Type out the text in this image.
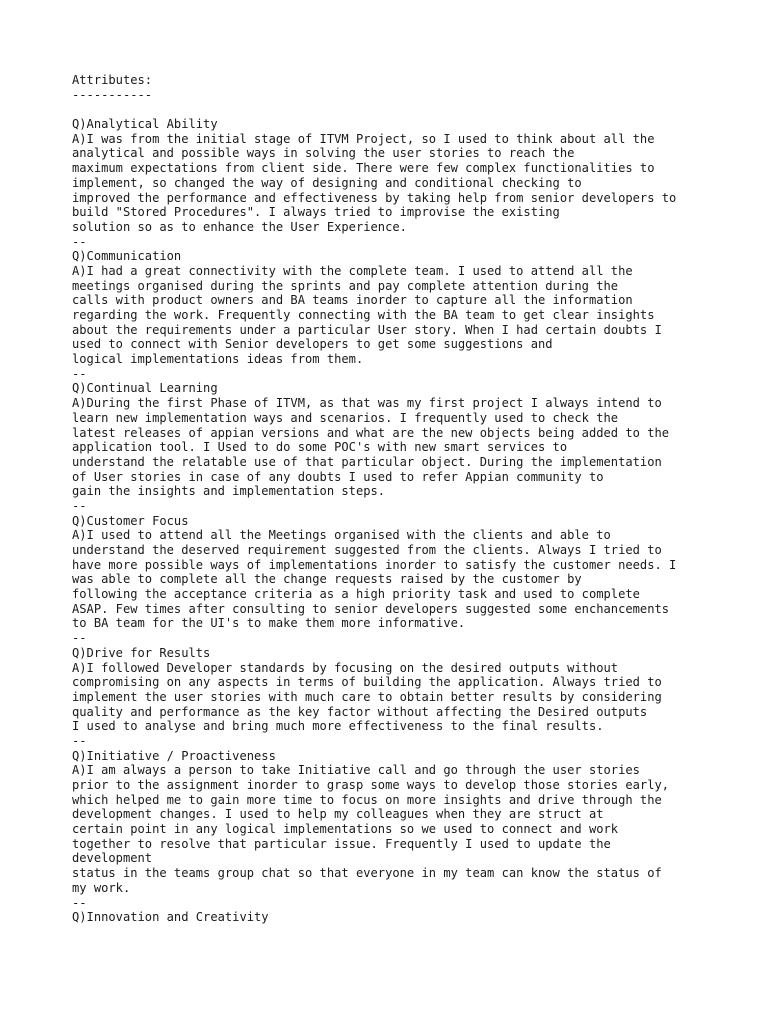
Attributes:
-----------
Q)Analytical Ability
A)I was from the initial stage of ITVM Project, so I used to think about all the
analytical and possible ways in solving the user stories to reach the
maximum expectations from client side. There were few complex functionalities to
implement, so changed the way of designing and conditional checking to
improved the performance and effectiveness by taking help from senior developers to
build "Stored Procedures". I always tried to improvise the existing
solution so as to enhance the User Experience.
--
Q)Communication
A)I had a great connectivity with the complete team. I used to attend all the
meetings organised during the sprints and pay complete attention during the
calls with product owners and BA teams inorder to capture all the information
regarding the work. Frequently connecting with the BA team to get clear insights
about the requirements under a particular User story. When I had certain doubts I
used to connect with Senior developers to get some suggestions and
logical implementations ideas from them.
--
Q)Continual Learning
A)During the first Phase of ITVM, as that was my first project I always intend to
learn new implementation ways and scenarios. I frequently used to check the
latest releases of appian versions and what are the new objects being added to the
application tool. I Used to do some POC's with new smart services to
understand the relatable use of that particular object. During the implementation
of User stories in case of any doubts I used to refer Appian community to
gain the insights and implementation steps.
--
Q)Customer Focus
A)I used to attend all the Meetings organised with the clients and able to
understand the deserved requirement suggested from the clients. Always I tried to
have more possible ways of implementations inorder to satisfy the customer needs. I
was able to complete all the change requests raised by the customer by
following the acceptance criteria as a high priority task and used to complete
ASAP. Few times after consulting to senior developers suggested some enchancements
to BA team for the UI's to make them more informative.
--
Q)Drive for Results
A)I followed Developer standards by focusing on the desired outputs without
compromising on any aspects in terms of building the application. Always tried to
implement the user stories with much care to obtain better results by considering
quality and performance as the key factor without affecting the Desired outputs
I used to analyse and bring much more effectiveness to the final results.
--
Q)Initiative / Proactiveness
A)I am always a person to take Initiative call and go through the user stories
prior to the assignment inorder to grasp some ways to develop those stories early,
which helped me to gain more time to focus on more insights and drive through the
development changes. I used to help my colleagues when they are struct at
certain point in any logical implementations so we used to connect and work
together to resolve that particular issue. Frequently I used to update the
development
status in the teams group chat so that everyone in my team can know the status of
my work.
--
Q)Innovation and Creativity
